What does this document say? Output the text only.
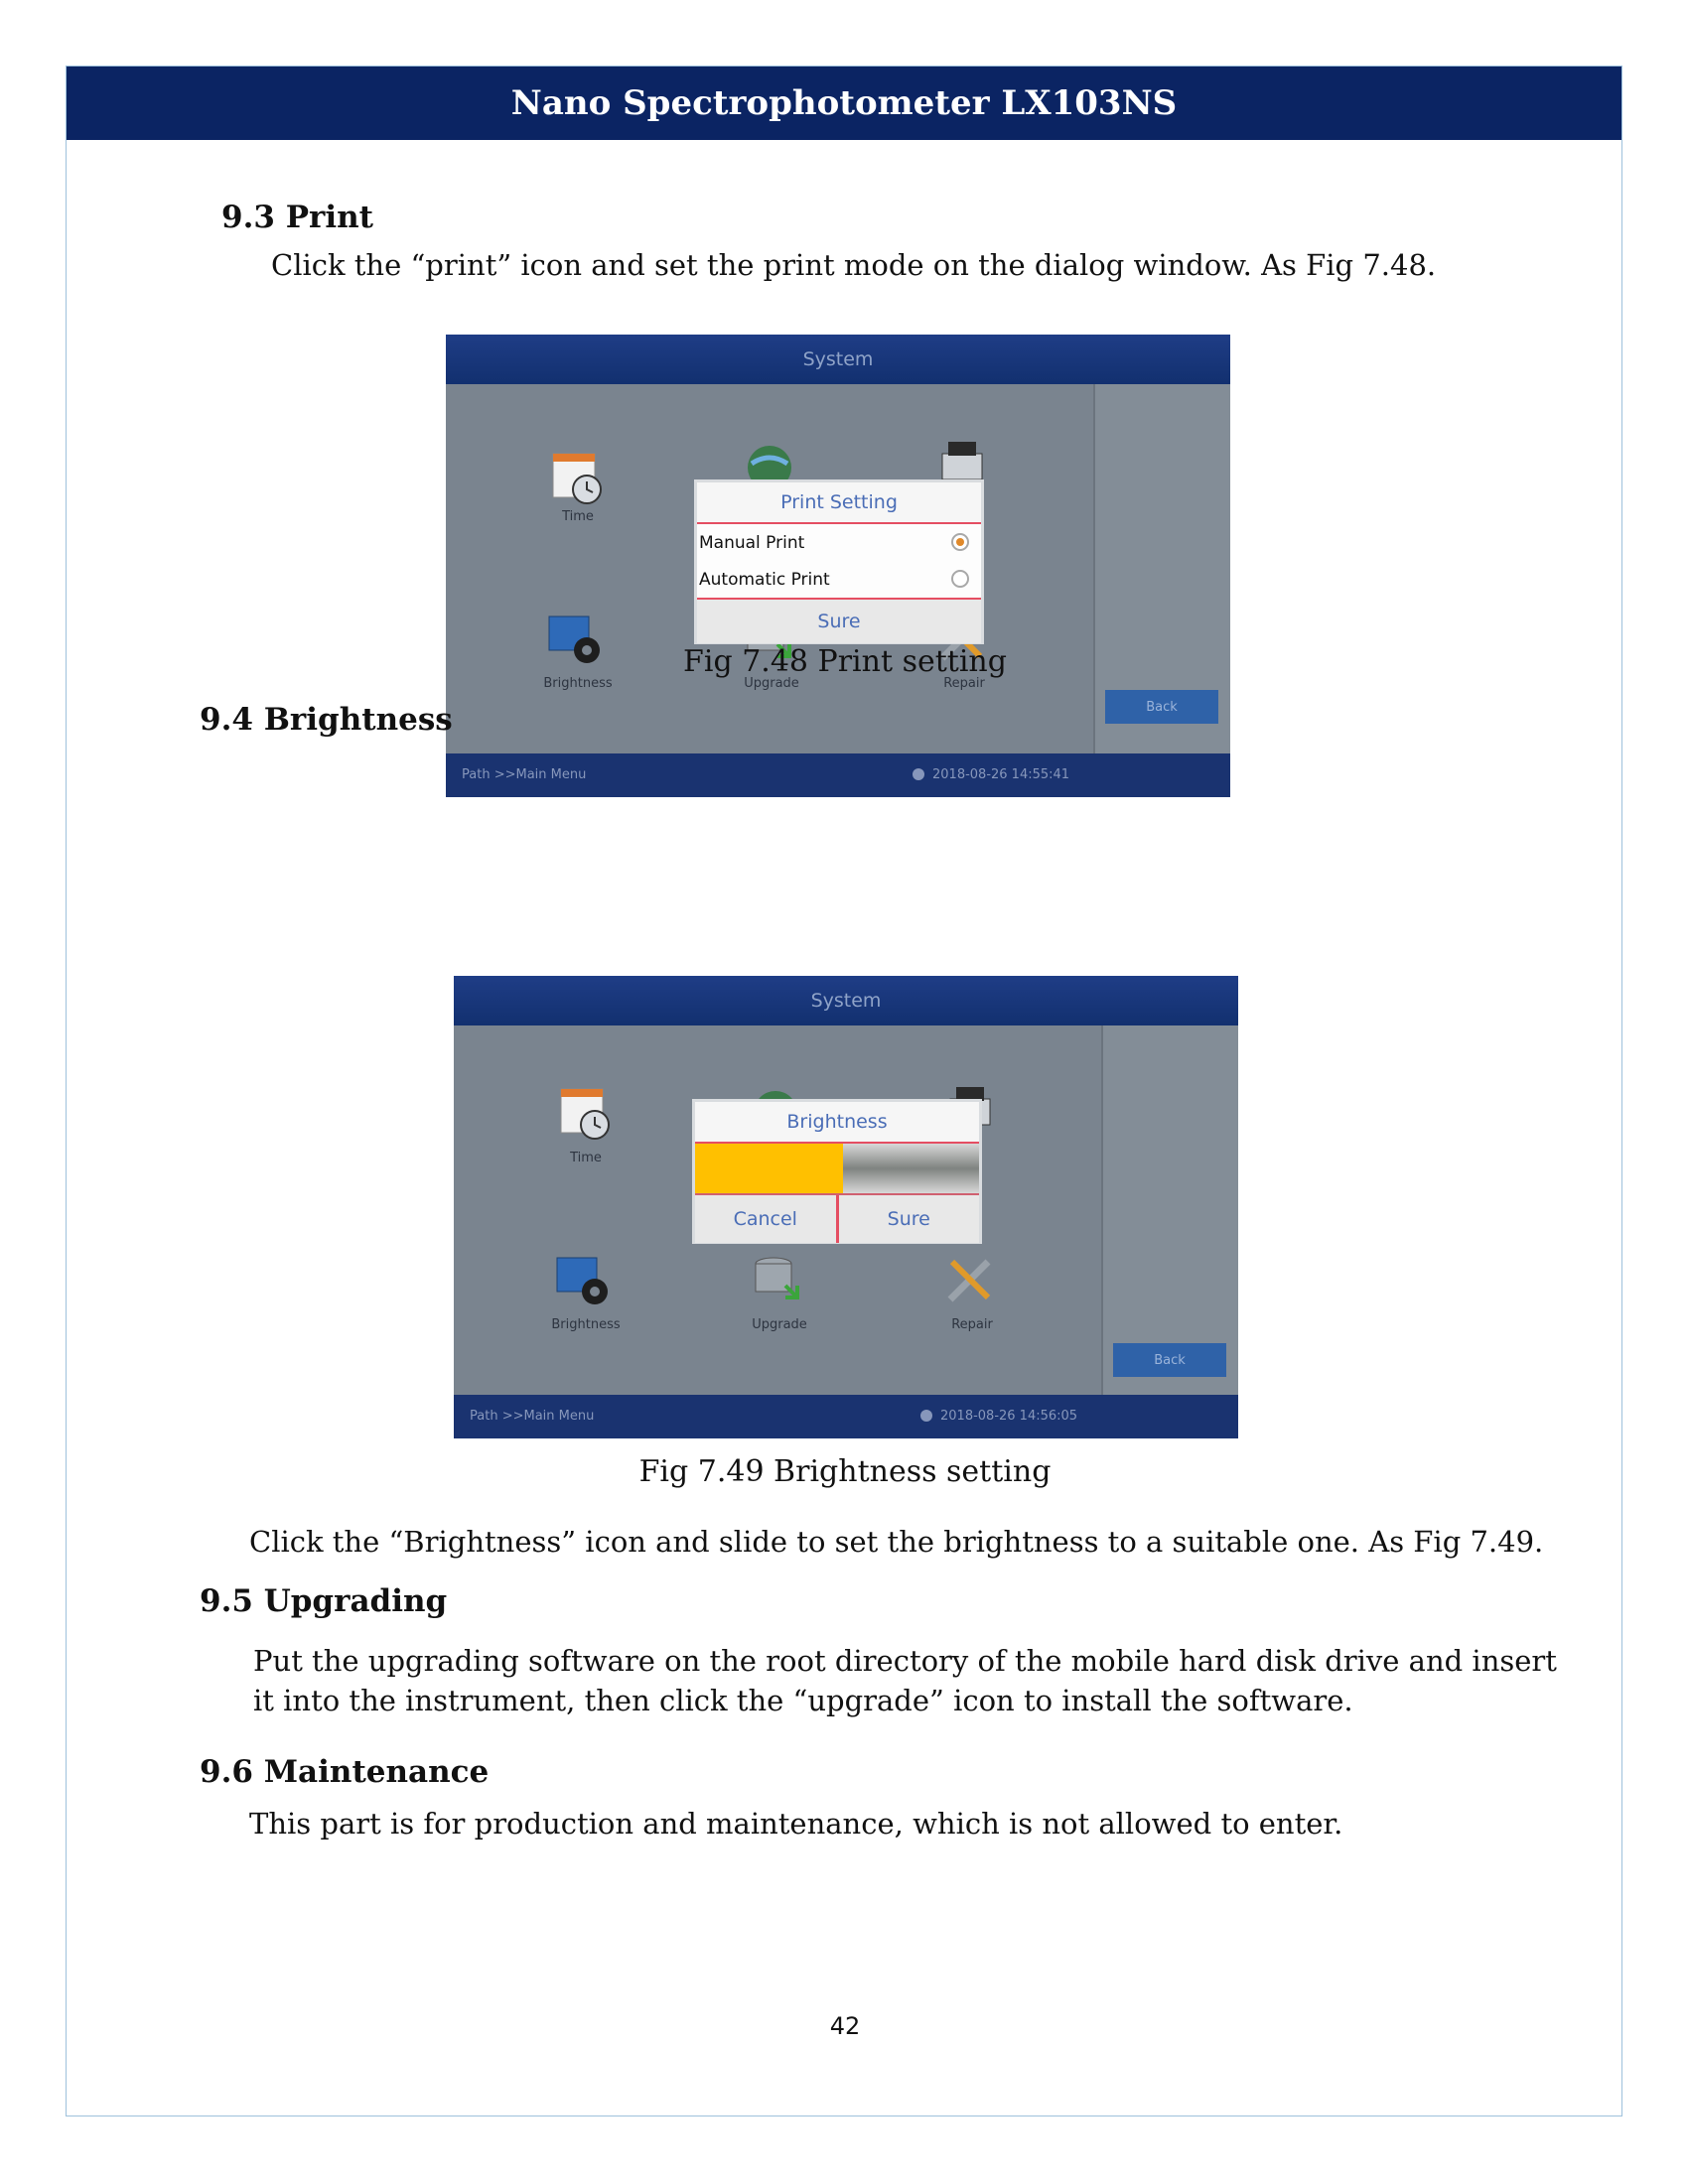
Nano Spectrophotometer LX103NS
9.3 Print
Click the “print” icon and set the print mode on the dialog window. As Fig 7.48.
System
Time
Brightness	Upgrade	Repair
Back
Path >>Main Menu	2018-08-26 14:55:41
Print Setting
Manual Print
Automatic Print
Sure
Fig 7.48 Print setting
9.4 Brightness
System
Time
Brightness	Upgrade	Repair
Back
Path >>Main Menu	2018-08-26 14:56:05
Brightness
Cancel	Sure
Fig 7.49 Brightness setting
Click the “Brightness” icon and slide to set the brightness to a suitable one. As Fig 7.49.
9.5 Upgrading
Put the upgrading software on the root directory of the mobile hard disk drive and insert
it into the instrument, then click the “upgrade” icon to install the software.
9.6 Maintenance
This part is for production and maintenance, which is not allowed to enter.
42
